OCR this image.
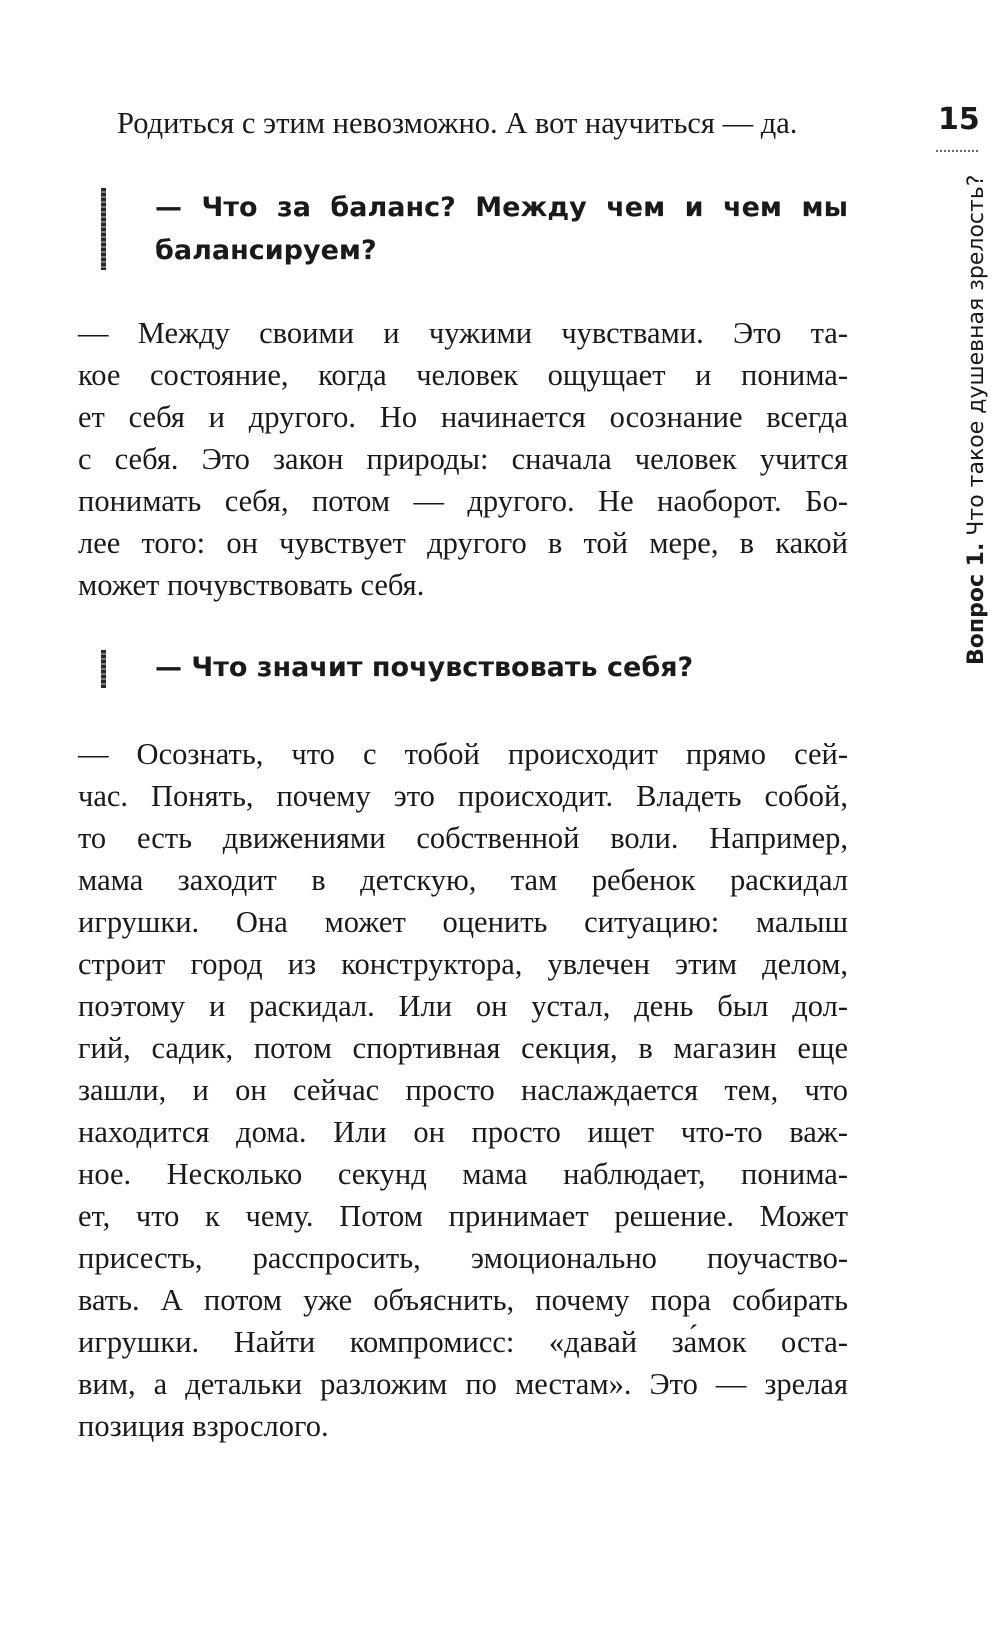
15
Вопрос 1. Что такое душевная зрелость?
Родиться с этим невозможно. А вот научиться — да.
— Что за баланс? Между чем и чем мы
балансируем?
— Между своими и чужими чувствами. Это та-
кое состояние, когда человек ощущает и понима-
ет себя и другого. Но начинается осознание всегда
с себя. Это закон природы: сначала человек учится
понимать себя, потом — другого. Не наоборот. Бо-
лее того: он чувствует другого в той мере, в какой
может почувствовать себя.
— Что значит почувствовать себя?
— Осознать, что с тобой происходит прямо сей-
час. Понять, почему это происходит. Владеть собой,
то есть движениями собственной воли. Например,
мама заходит в детскую, там ребенок раскидал
игрушки. Она может оценить ситуацию: малыш
строит город из конструктора, увлечен этим делом,
поэтому и раскидал. Или он устал, день был дол-
гий, садик, потом спортивная секция, в магазин еще
зашли, и он сейчас просто наслаждается тем, что
находится дома. Или он просто ищет что-то важ-
ное. Несколько секунд мама наблюдает, понима-
ет, что к чему. Потом принимает решение. Может
присесть, расспросить, эмоционально поучаство-
вать. А потом уже объяснить, почему пора собирать
игрушки. Найти компромисс: «давай за́мок оста-
вим, а детальки разложим по местам». Это — зрелая
позиция взрослого.
